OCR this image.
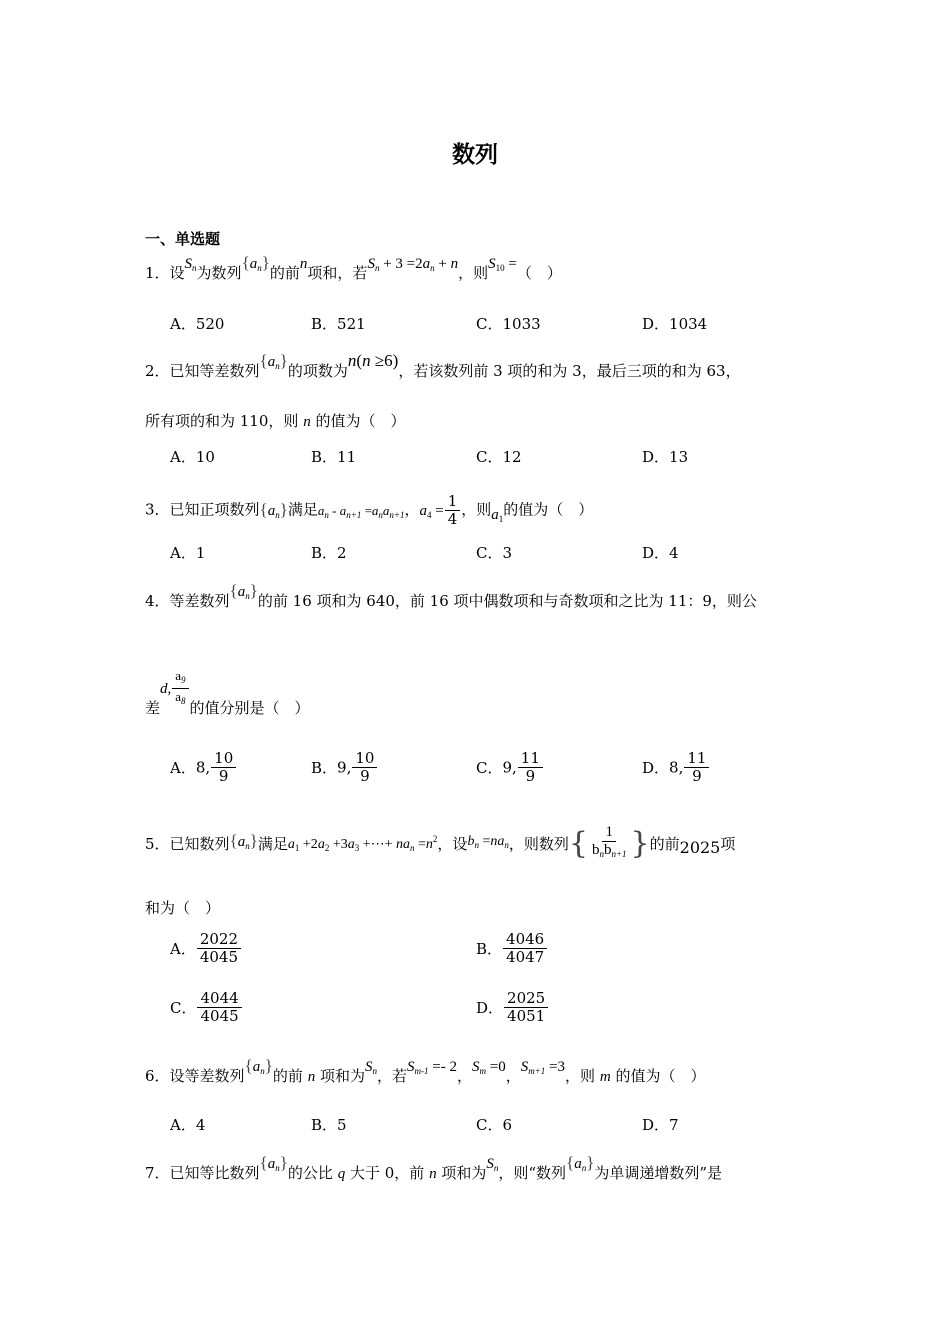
数列
一、单选题
1．设$S_n$为数列$\{a_n\}$的前n项和，若$S_n + 3 =2a_n + n$，则$S_{10}$ =（　）
A．520	B．521	C．1033	D．1034
2．已知等差数列$\{a_n\}$的项数为n(n ≥6)，若该数列前 3 项的和为 3，最后三项的和为 63，
所有项的和为 110，则 n 的值为（　）
A．10	B．11	C．12	D．13
3．已知正项数列$\{a_n\}$满足$a_n - a_{n+1} =a_na_{n+1}$，$a_4 = \frac{1}{4}$ ，则$a_1$的值为（　）
A．1	B．2	C．3	D．4
4．等差数列$\{a_n\}$的前 16 项和为 640，前 16 项中偶数项和与奇数项和之比为 11：9，则公
差d , $\frac{a_9}{a_8}$ 的值分别是（　）
A．8, $\frac{10}{9}$	B．9, $\frac{10}{9}$	C．9, $\frac{11}{9}$	D．8, $\frac{11}{9}$
5．已知数列 $\{a_n\}$ 满足 $a_1 +2a_2 +3a_3$ +⋯+ $na_n =n^2$ ，设 $b_n =na_n$ ，则数列 { $\frac{1}{b_nb_{n+1}}$ } 的前 2025 项
和为（　）
A． $\frac{2022}{4045}$	B． $\frac{4046}{4047}$
C． $\frac{4044}{4045}$	D． $\frac{2025}{4051}$
6．设等差数列$\{a_n\}$的前 n 项和为$S_n$，若$S_{m-1} =- 2$，$S_m =0$，$S_{m+1} =3$，则 m 的值为（　）
A．4	B．5	C．6	D．7
7．已知等比数列$\{a_n\}$的公比 q 大于 0，前 n 项和为$S_n$，则“数列$\{a_n\}$为单调递增数列”是
